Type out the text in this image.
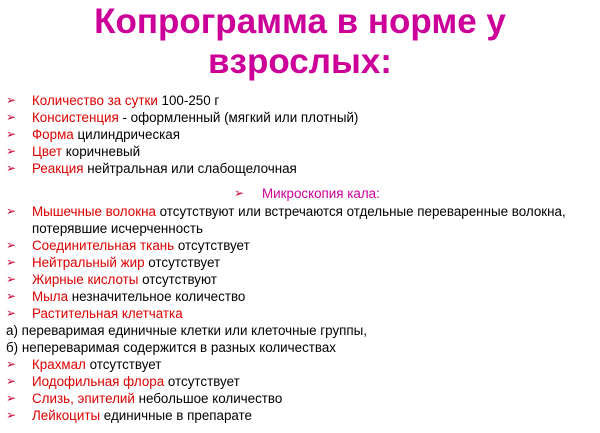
Копрограмма в норме у
взрослых:
➢ Количество за сутки 100-250 г
➢ Консистенция - оформленный (мягкий или плотный)
➢ Форма цилиндрическая
➢ Цвет коричневый
➢ Реакция нейтральная или слабощелочная
➢ Микроскопия кала:
➢ Мышечные волокна отсутствуют или встречаются отдельные переваренные волокна, потерявшие исчерченность
➢ Соединительная ткань отсутствует
➢ Нейтральный жир отсутствует
➢ Жирные кислоты отсутствуют
➢ Мыла незначительное количество
➢ Растительная клетчатка
а) переваримая единичные клетки или клеточные группы,
б) непереваримая содержится в разных количествах
➢ Крахмал отсутствует
➢ Иодофильная флора отсутствует
➢ Слизь, эпителий небольшое количество
➢ Лейкоциты единичные в препарате
